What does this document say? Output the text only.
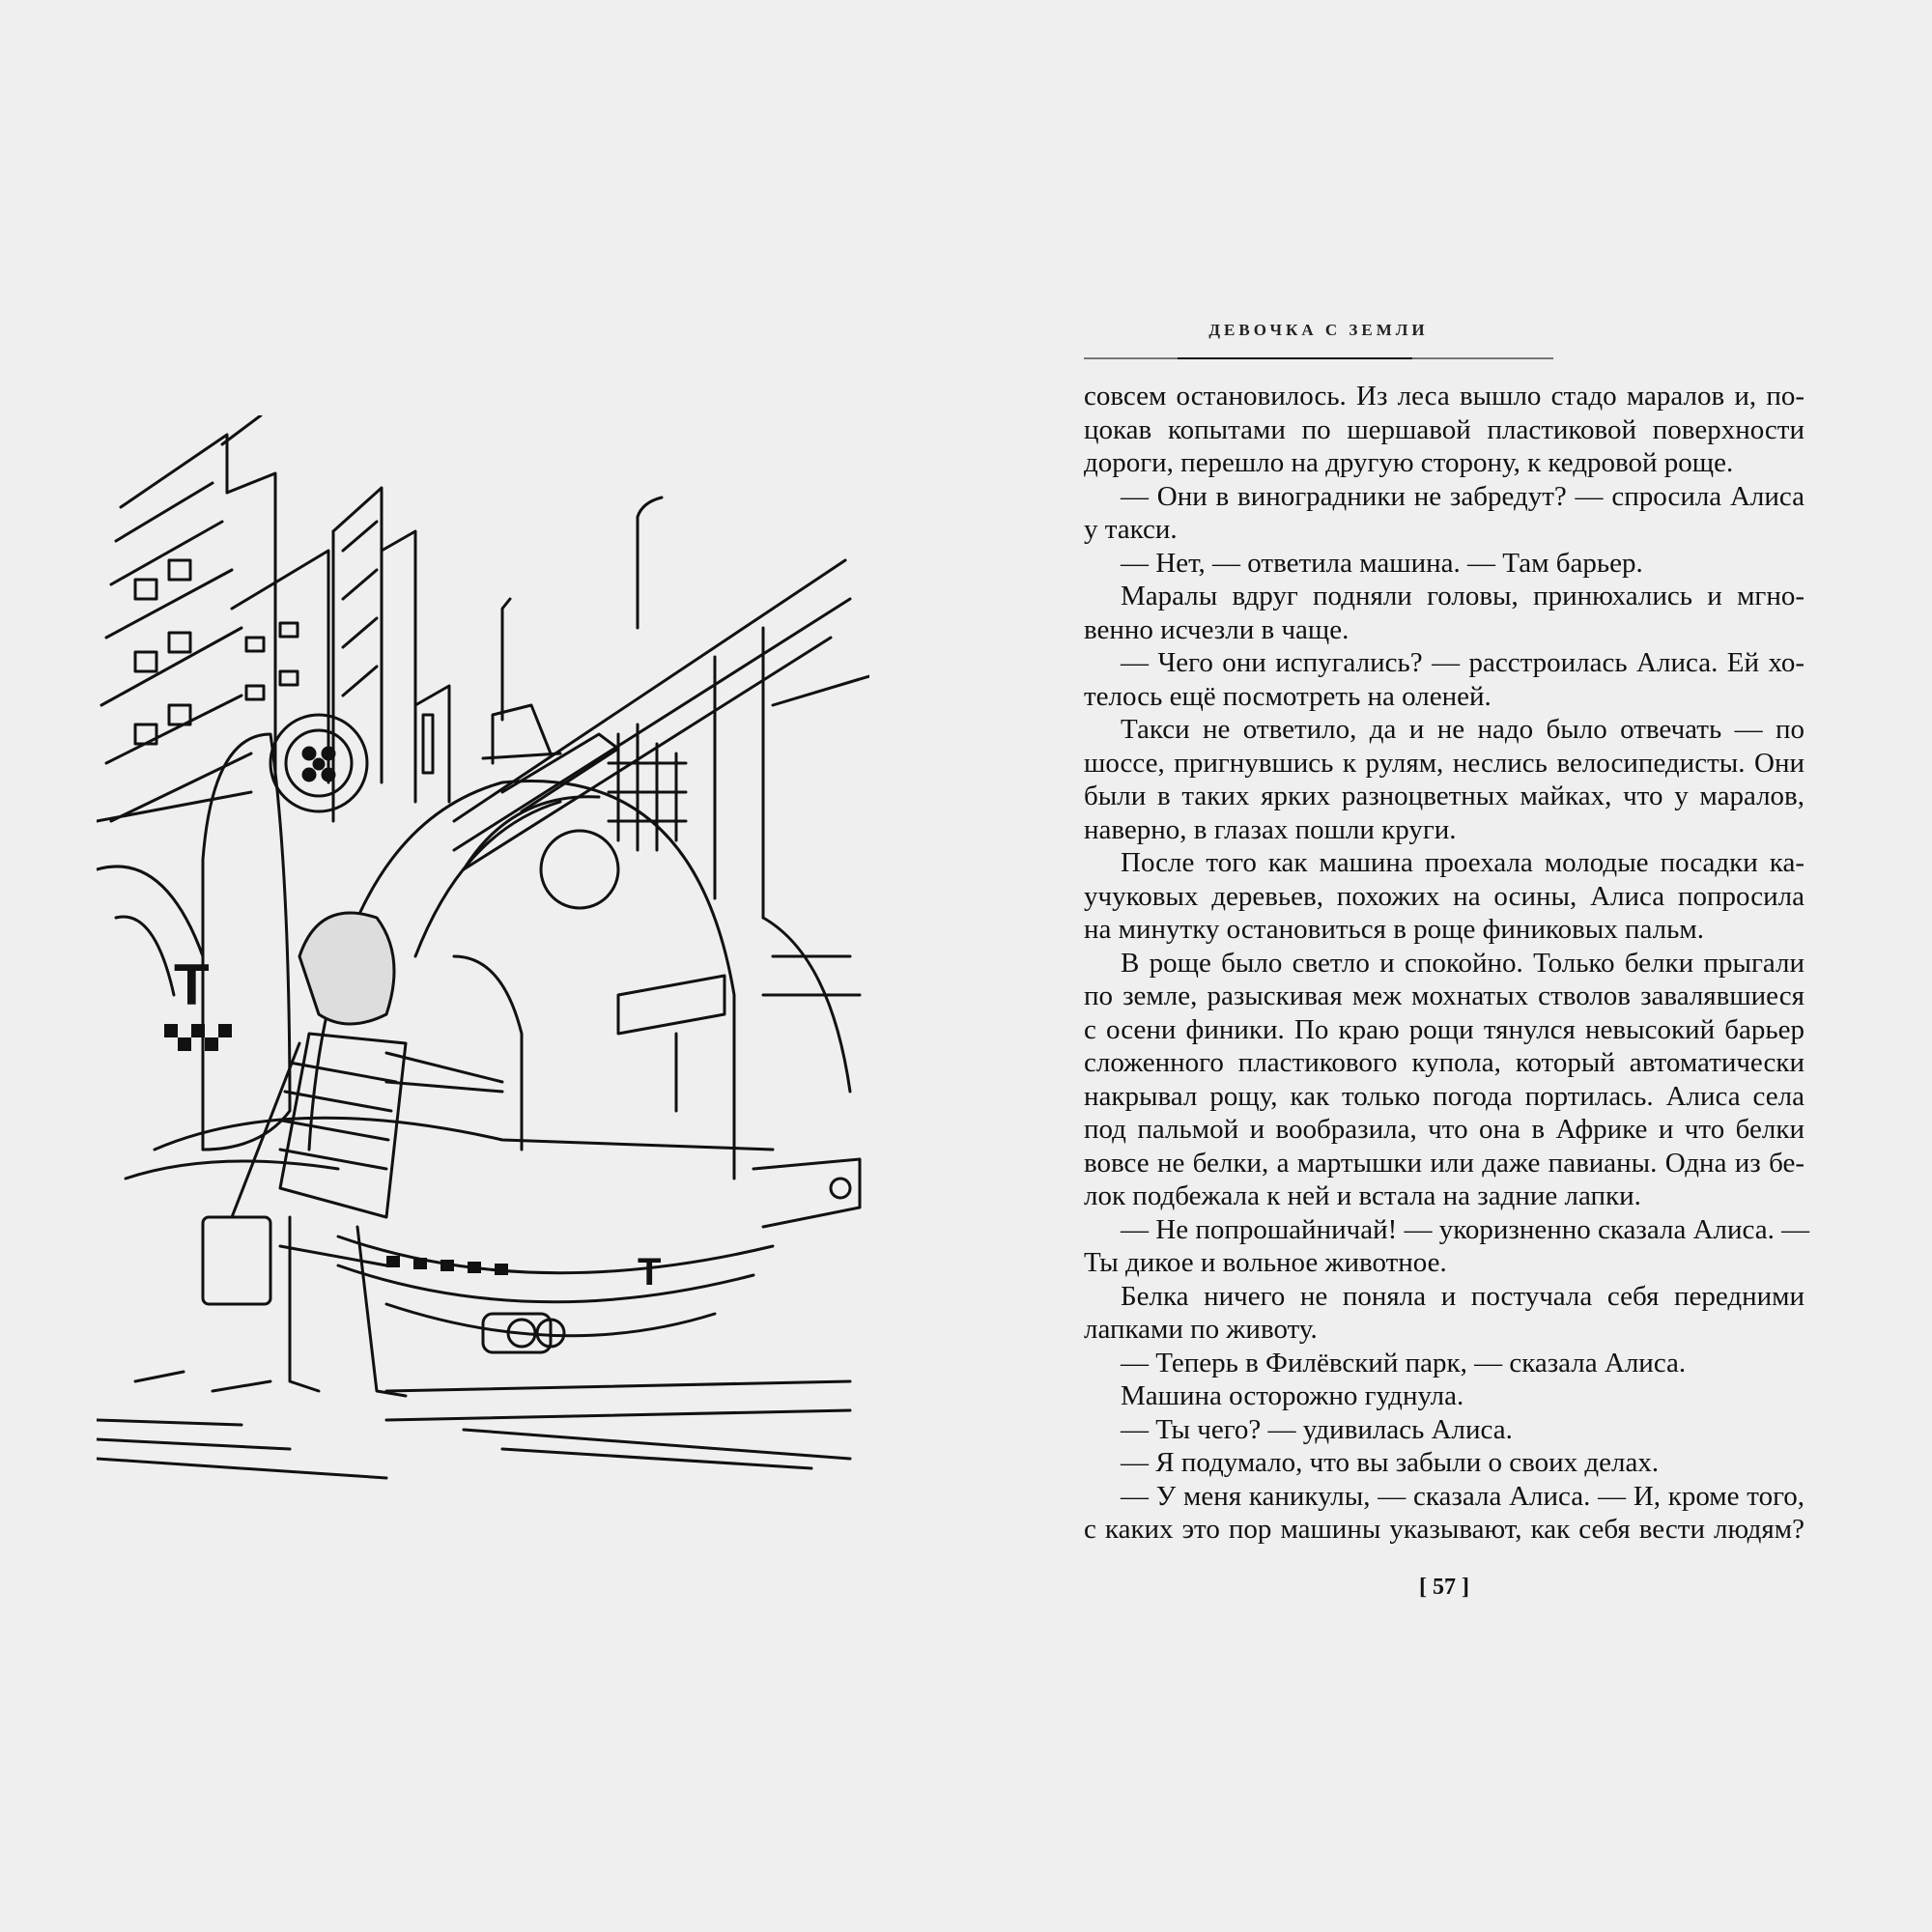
T
T
ДЕВОЧКА С ЗЕМЛИ
совсем остановилось. Из леса вышло стадо маралов и, по-
цокав копытами по шершавой пластиковой поверхности
дороги, перешло на другую сторону, к кедровой роще.
— Они в виноградники не забредут? — спросила Алиса
у такси.
— Нет, — ответила машина. — Там барьер.
Маралы вдруг подняли головы, принюхались и мгно-
венно исчезли в чаще.
— Чего они испугались? — расстроилась Алиса. Ей хо-
телось ещё посмотреть на оленей.
Такси не ответило, да и не надо было отвечать — по
шоссе, пригнувшись к рулям, неслись велосипедисты. Они
были в таких ярких разноцветных майках, что у маралов,
наверно, в глазах пошли круги.
После того как машина проехала молодые посадки ка-
учуковых деревьев, похожих на осины, Алиса попросила
на минутку остановиться в роще финиковых пальм.
В роще было светло и спокойно. Только белки прыгали
по земле, разыскивая меж мохнатых стволов завалявшиеся
с осени финики. По краю рощи тянулся невысокий барьер
сложенного пластикового купола, который автоматически
накрывал рощу, как только погода портилась. Алиса села
под пальмой и вообразила, что она в Африке и что белки
вовсе не белки, а мартышки или даже павианы. Одна из бе-
лок подбежала к ней и встала на задние лапки.
— Не попрошайничай! — укоризненно сказала Алиса. —
Ты дикое и вольное животное.
Белка ничего не поняла и постучала себя передними
лапками по животу.
— Теперь в Филёвский парк, — сказала Алиса.
Машина осторожно гуднула.
— Ты чего? — удивилась Алиса.
— Я подумало, что вы забыли о своих делах.
— У меня каникулы, — сказала Алиса. — И, кроме того,
с каких это пор машины указывают, как себя вести людям?
[ 57 ]
